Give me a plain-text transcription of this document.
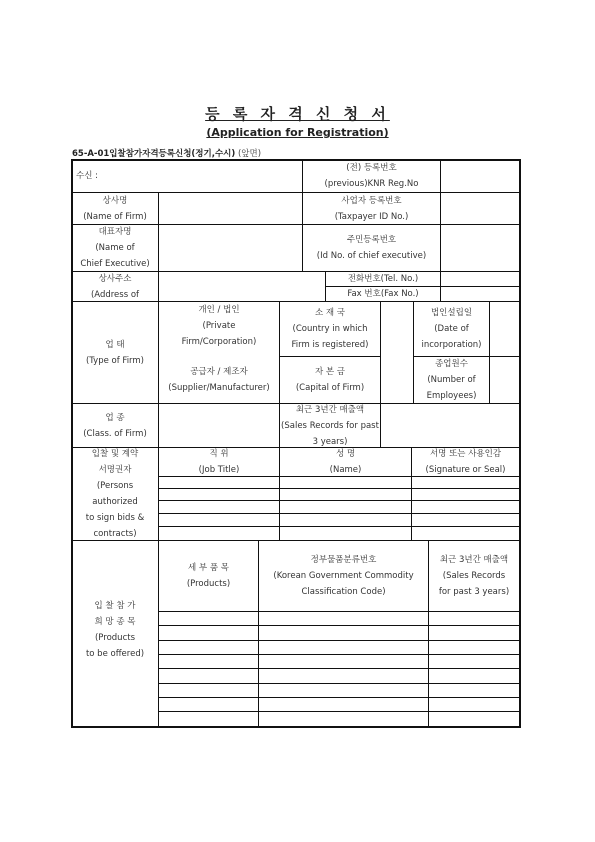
등 록 자 격 신 청 서
(Application for Registration)
65-A-01입찰참가자격등록신청(정기,수시) (앞면)
수신 :
(전) 등록번호
(previous)KNR Reg.No
상사명
(Name of Firm)
사업자 등록번호
(Taxpayer ID No.)
대표자명
(Name of
Chief Executive)
주민등록번호
(Id No. of chief executive)
상사주소
(Address of
전화번호(Tel. No.)
Fax 번호(Fax No.)
업 태
(Type of Firm)
개인 / 법인
(Private
Firm/Corporation)
공급자 / 제조자
(Supplier/Manufacturer)
소 재 국
(Country in which
Firm is registered)
자 본 금
(Capital of Firm)
법인설립일
(Date of
incorporation)
종업원수
(Number of
Employees)
업 종
(Class. of Firm)
최근 3년간 매출액
(Sales Records for past
3 years)
입찰 및 계약
서명권자
(Persons
authorized
to sign bids &
contracts)
직 위
(Job Title)
성 명
(Name)
서명 또는 사용인감
(Signature or Seal)
입 찰 참 가
희 망 종 목
(Products
to be offered)
세 부 품 목
(Products)
정부물품분류번호
(Korean Government Commodity
Classification Code)
최근 3년간 매출액
(Sales Records
for past 3 years)
